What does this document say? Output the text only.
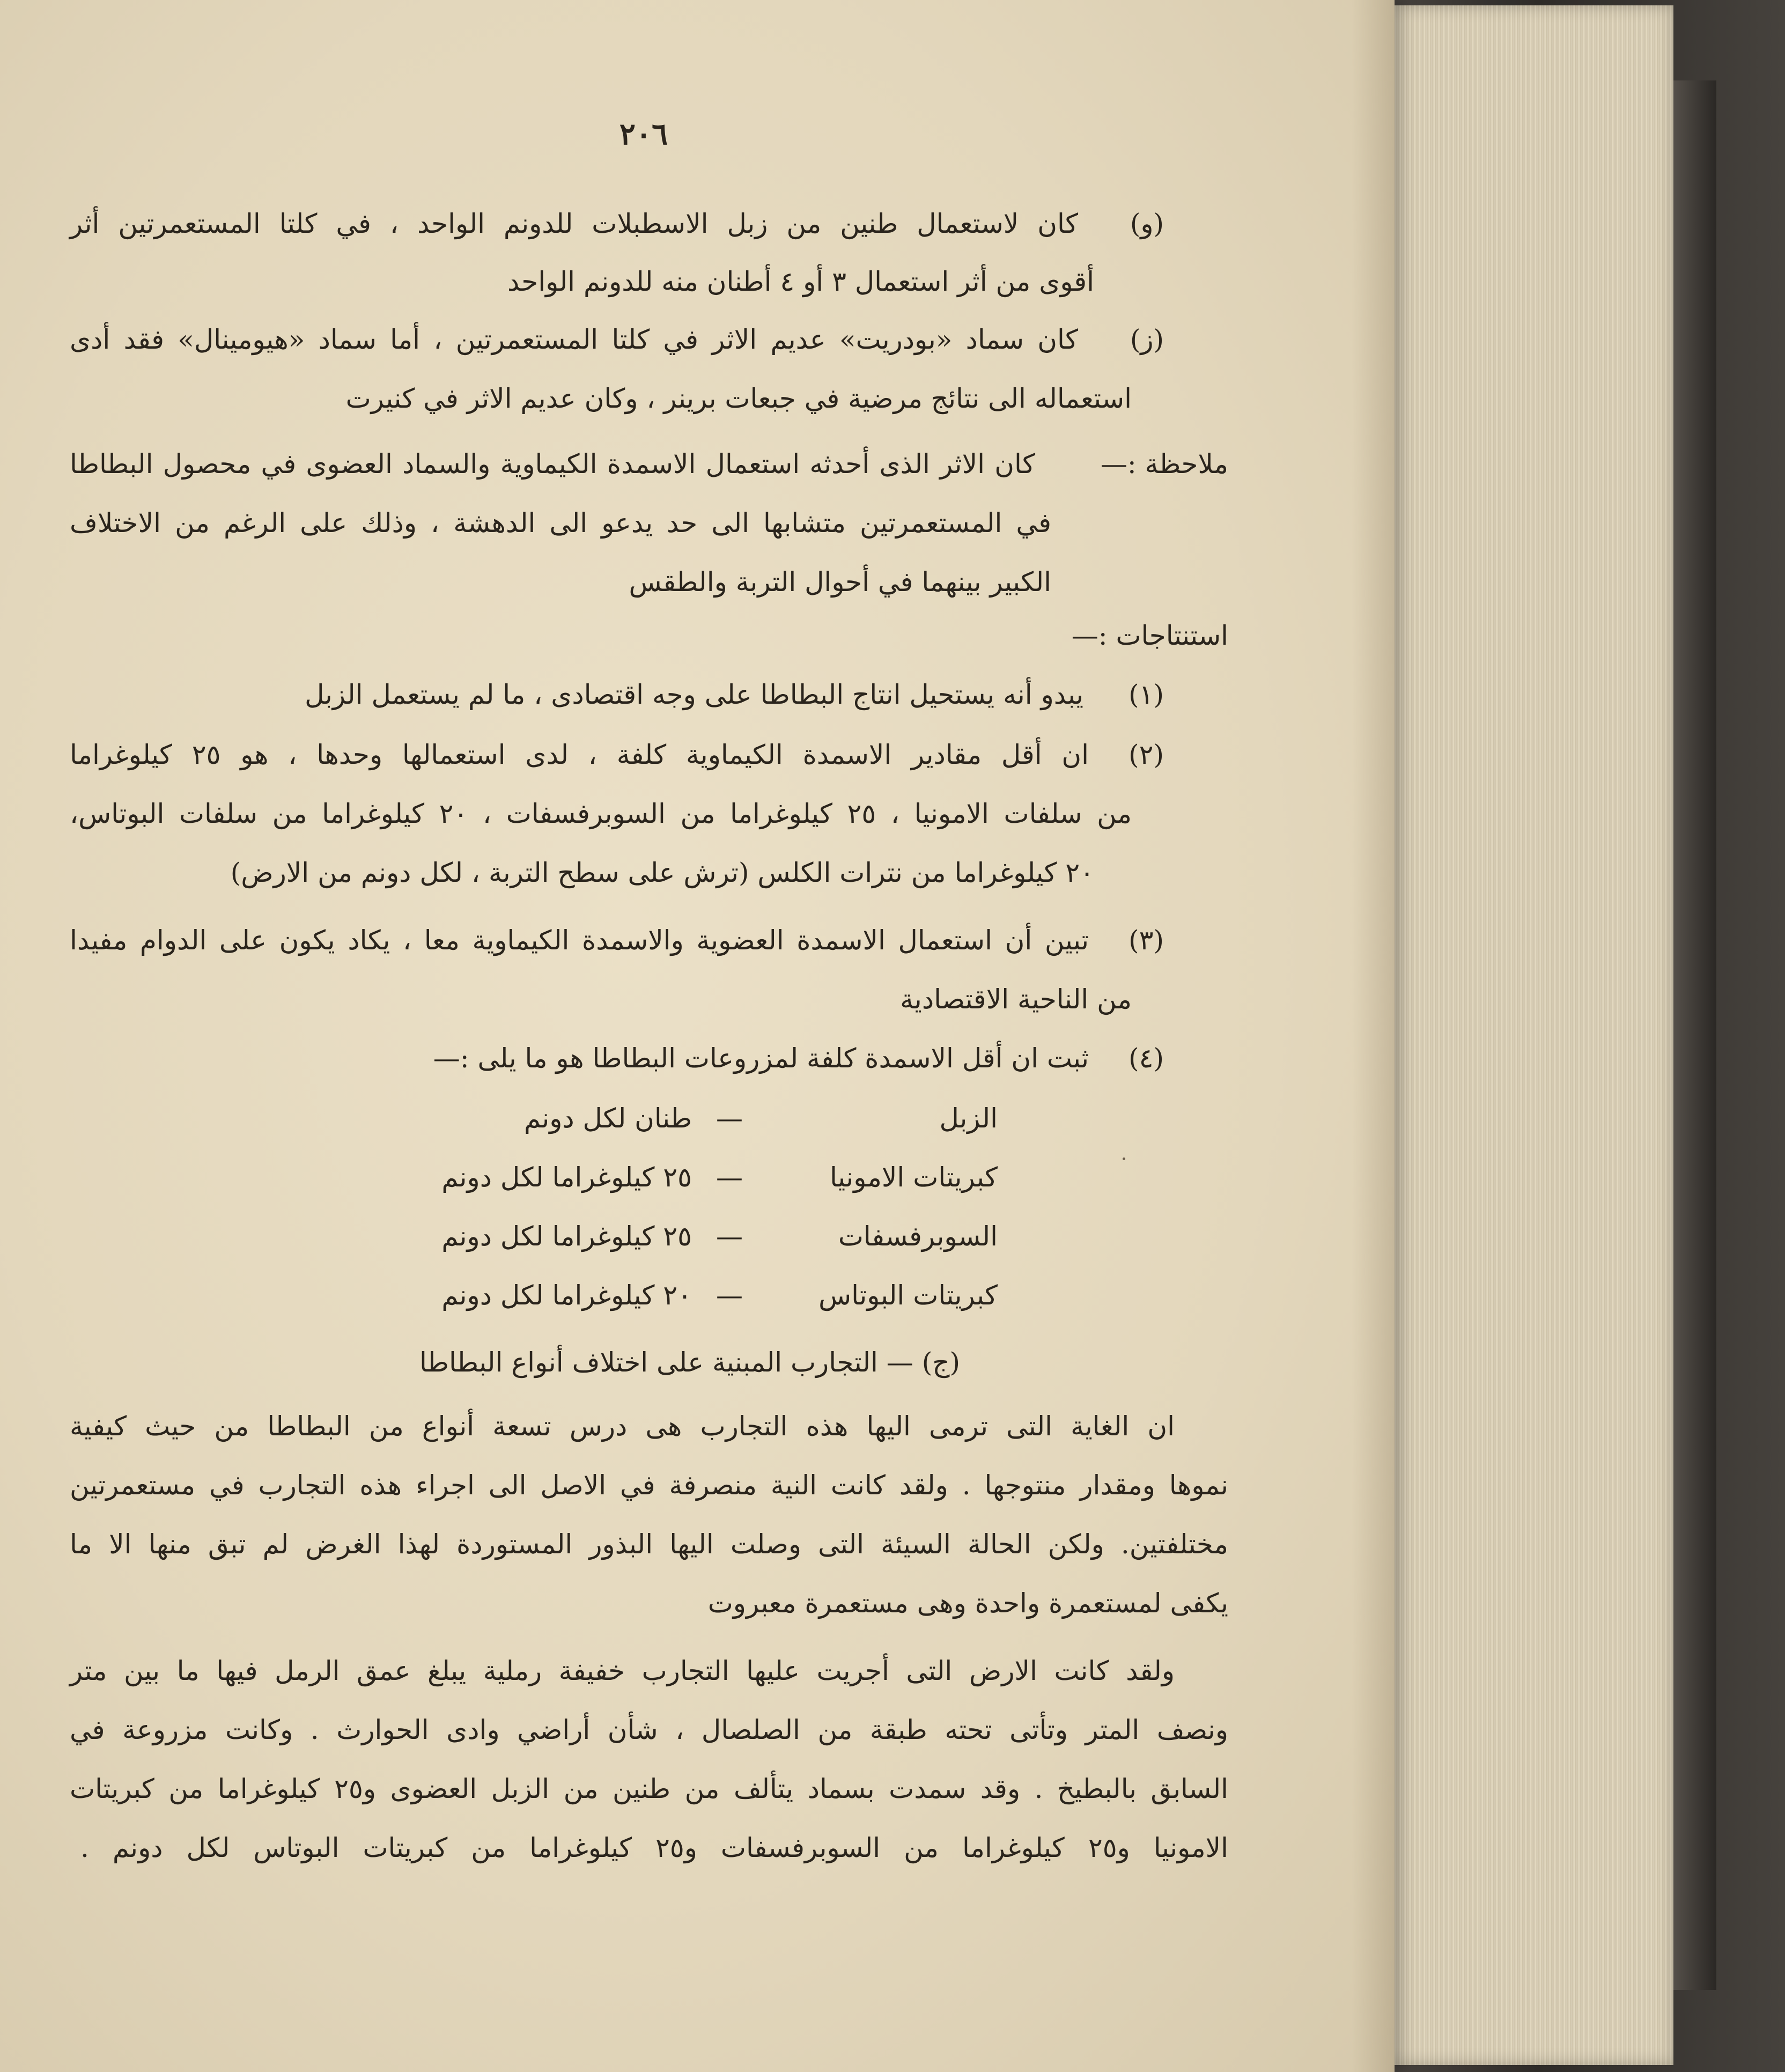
٢٠٦
(و)
كان لاستعمال طنين من زبل الاسطبلات للدونم الواحد ، في كلتا المستعمرتين أثر
أقوى من أثر استعمال ٣ أو ٤ أطنان منه للدونم الواحد
(ز)
كان سماد «بودريت» عديم الاثر في كلتا المستعمرتين ، أما سماد «هيومينال» فقد أدى
استعماله الى نتائج مرضية في جبعات برينر ، وكان عديم الاثر في كنيرت
ملاحظة :—
كان الاثر الذى أحدثه استعمال الاسمدة الكيماوية والسماد العضوى في محصول البطاطا
في المستعمرتين متشابها الى حد يدعو الى الدهشة ، وذلك على الرغم من الاختلاف
الكبير بينهما في أحوال التربة والطقس
استنتاجات :—
(١)
يبدو أنه يستحيل انتاج البطاطا على وجه اقتصادى ، ما لم يستعمل الزبل
(٢)
ان أقل مقادير الاسمدة الكيماوية كلفة ، لدى استعمالها وحدها ، هو ٢٥ كيلوغراما
من سلفات الامونيا ، ٢٥ كيلوغراما من السوبرفسفات ، ٢٠ كيلوغراما من سلفات البوتاس،
٢٠ كيلوغراما من نترات الكلس (ترش على سطح التربة ، لكل دونم من الارض)
(٣)
تبين أن استعمال الاسمدة العضوية والاسمدة الكيماوية معا ، يكاد يكون على الدوام مفيدا
من الناحية الاقتصادية
(٤)
ثبت ان أقل الاسمدة كلفة لمزروعات البطاطا هو ما يلى :—
الزبل
—
طنان لكل دونم
كبريتات الامونيا
—
٢٥ كيلوغراما لكل دونم
السوبرفسفات
—
٢٥ كيلوغراما لكل دونم
كبريتات البوتاس
—
٢٠ كيلوغراما لكل دونم
(ج) — التجارب المبنية على اختلاف أنواع البطاطا
ان الغاية التى ترمى اليها هذه التجارب هى درس تسعة أنواع من البطاطا من حيث كيفية
نموها ومقدار منتوجها . ولقد كانت النية منصرفة في الاصل الى اجراء هذه التجارب في مستعمرتين
مختلفتين. ولكن الحالة السيئة التى وصلت اليها البذور المستوردة لهذا الغرض لم تبق منها الا ما
يكفى لمستعمرة واحدة وهى مستعمرة معبروت
ولقد كانت الارض التى أجريت عليها التجارب خفيفة رملية يبلغ عمق الرمل فيها ما بين متر
ونصف المتر وتأتى تحته طبقة من الصلصال ، شأن أراضي وادى الحوارث . وكانت مزروعة في
السابق بالبطيخ . وقد سمدت بسماد يتألف من طنين من الزبل العضوى و٢٥ كيلوغراما من كبريتات
الامونيا و٢٥ كيلوغراما من السوبرفسفات و٢٥ كيلوغراما من كبريتات البوتاس لكل دونم .
